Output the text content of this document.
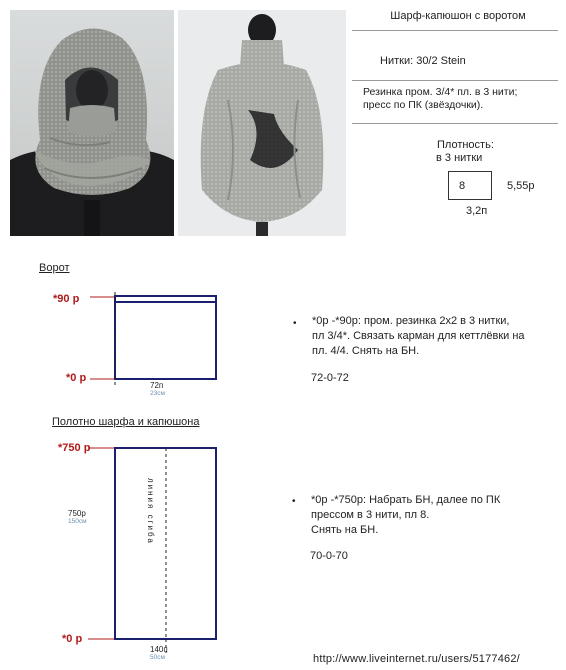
Шарф-капюшон с воротом
Нитки: 30/2 Stein
Резинка пром. 3/4* пл. в 3 нити;
пресс по ПК (звёздочки).
Плотность:
в 3 нитки
8	5,55р
3,2п
Ворот
*90 р
*0 р
72п
23см
• *0р -*90р: пром. резинка 2х2 в 3 нитки,
пл 3/4*. Связать карман для кеттлёвки на
пл. 4/4. Снять на БН.
72-0-72
Полотно шарфа и капюшона
*750 р
*0 р
750р
150см	линия сгиба
140п
50см
• *0р -*750р: Набрать БН, далее по ПК
прессом в 3 нити, пл 8.
Снять на БН.
70-0-70
http://www.liveinternet.ru/users/5177462/
